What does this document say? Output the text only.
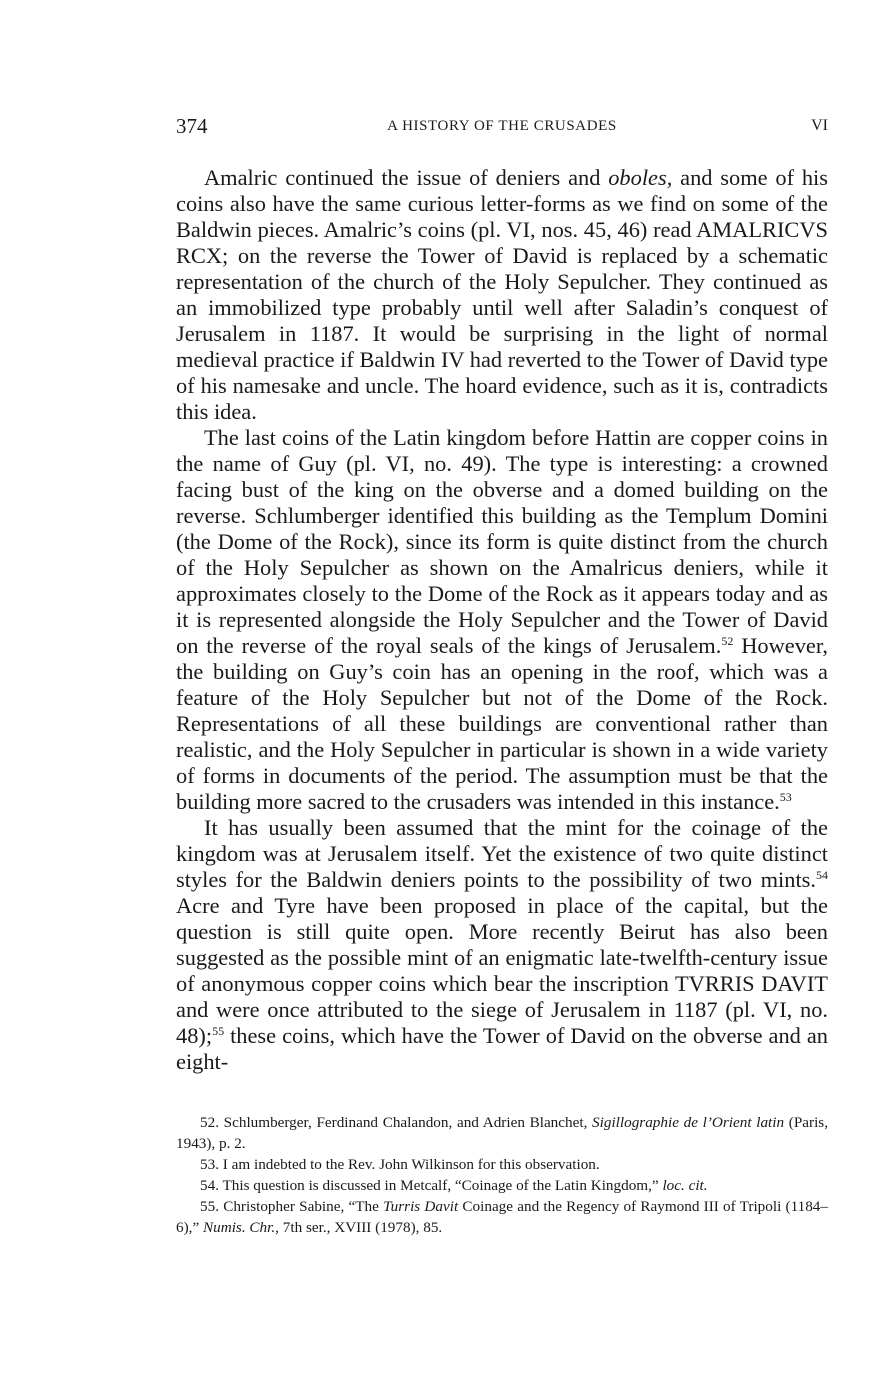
374	A HISTORY OF THE CRUSADES	VI

Amalric continued the issue of deniers and oboles, and some of his coins also have the same curious letter-forms as we find on some of the Baldwin pieces. Amalric’s coins (pl. VI, nos. 45, 46) read AMALRICVS RϹX; on the reverse the Tower of David is replaced by a schematic representation of the church of the Holy Sepulcher. They continued as an immobilized type probably until well after Saladin’s conquest of Jerusalem in 1187. It would be surprising in the light of normal medieval practice if Baldwin IV had reverted to the Tower of David type of his namesake and uncle. The hoard evidence, such as it is, contradicts this idea.

The last coins of the Latin kingdom before Hattin are copper coins in the name of Guy (pl. VI, no. 49). The type is interesting: a crowned facing bust of the king on the obverse and a domed building on the reverse. Schlumberger identified this building as the Templum Domini (the Dome of the Rock), since its form is quite distinct from the church of the Holy Sepulcher as shown on the Amalricus deniers, while it approximates closely to the Dome of the Rock as it appears today and as it is represented alongside the Holy Sepulcher and the Tower of David on the reverse of the royal seals of the kings of Jerusalem.$^{52}$ However, the building on Guy’s coin has an opening in the roof, which was a feature of the Holy Sepulcher but not of the Dome of the Rock. Representations of all these buildings are conventional rather than realistic, and the Holy Sepulcher in particular is shown in a wide variety of forms in documents of the period. The assumption must be that the building more sacred to the crusaders was intended in this instance.$^{53}$

It has usually been assumed that the mint for the coinage of the kingdom was at Jerusalem itself. Yet the existence of two quite distinct styles for the Baldwin deniers points to the possibility of two mints.$^{54}$ Acre and Tyre have been proposed in place of the capital, but the question is still quite open. More recently Beirut has also been suggested as the possible mint of an enigmatic late-twelfth-century issue of anonymous copper coins which bear the inscription TVRRIS DAVIT and were once attributed to the siege of Jerusalem in 1187 (pl. VI, no. 48);$^{55}$ these coins, which have the Tower of David on the obverse and an eight-

52. Schlumberger, Ferdinand Chalandon, and Adrien Blanchet, Sigillographie de l’Orient latin (Paris, 1943), p. 2.

53. I am indebted to the Rev. John Wilkinson for this observation.

54. This question is discussed in Metcalf, “Coinage of the Latin Kingdom,” loc. cit.

55. Christopher Sabine, “The Turris Davit Coinage and the Regency of Raymond III of Tripoli (1184–6),” Numis. Chr., 7th ser., XVIII (1978), 85.
